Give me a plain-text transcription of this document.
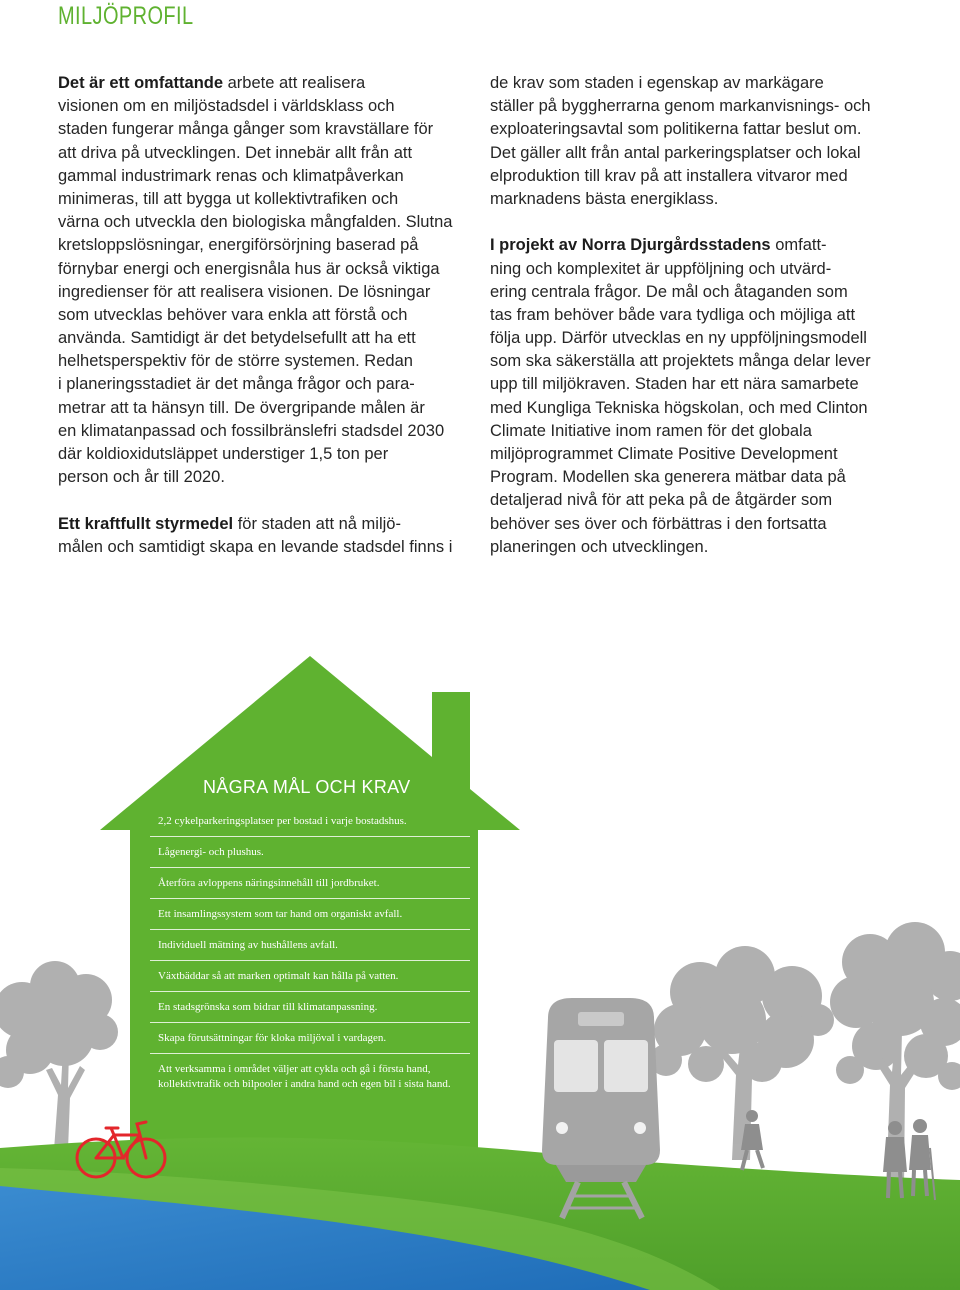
MILJÖPROFIL
Det är ett omfattande arbete att realisera
visionen om en miljöstadsdel i världsklass och
staden fungerar många gånger som kravställare för
att driva på utvecklingen. Det innebär allt från att
gammal industrimark renas och klimatpåverkan
minimeras, till att bygga ut kollektivtrafiken och
värna och utveckla den biologiska mångfalden. Slutna
kretsloppslösningar, energiförsörjning baserad på
förnybar energi och energisnåla hus är också viktiga
ingredienser för att realisera visionen. De lösningar
som utvecklas behöver vara enkla att förstå och
använda. Samtidigt är det betydelsefullt att ha ett
helhetsperspektiv för de större systemen. Redan
i planeringsstadiet är det många frågor och para-
metrar att ta hänsyn till. De övergripande målen är
en klimatanpassad och fossilbränslefri stadsdel 2030
där koldioxidutsläppet understiger 1,5 ton per
person och år till 2020.
Ett kraftfullt styrmedel för staden att nå miljö-
målen och samtidigt skapa en levande stadsdel finns i
de krav som staden i egenskap av markägare
ställer på byggherrarna genom markanvisnings- och
exploateringsavtal som politikerna fattar beslut om.
Det gäller allt från antal parkeringsplatser och lokal
elproduktion till krav på att installera vitvaror med
marknadens bästa energiklass.
I projekt av Norra Djurgårdsstadens omfatt-
ning och komplexitet är uppföljning och utvärd-
ering centrala frågor. De mål och åtaganden som
tas fram behöver både vara tydliga och möjliga att
följa upp. Därför utvecklas en ny uppföljningsmodell
som ska säkerställa att projektets många delar lever
upp till miljökraven. Staden har ett nära samarbete
med Kungliga Tekniska högskolan, och med Clinton
Climate Initiative inom ramen för det globala
miljöprogrammet Climate Positive Development
Program. Modellen ska generera mätbar data på
detaljerad nivå för att peka på de åtgärder som
behöver ses över och förbättras i den fortsatta
planeringen och utvecklingen.
NÅGRA MÅL OCH KRAV
2,2 cykelparkeringsplatser per bostad i varje bostadshus.
Lågenergi- och plushus.
Återföra avloppens näringsinnehåll till jordbruket.
Ett insamlingssystem som tar hand om organiskt avfall.
Individuell mätning av hushållens avfall.
Växtbäddar så att marken optimalt kan hålla på vatten.
En stadsgrönska som bidrar till klimatanpassning.
Skapa förutsättningar för kloka miljöval i vardagen.
Att verksamma i området väljer att cykla och gå i första hand, kollektivtrafik och bilpooler i andra hand och egen bil i sista hand.
